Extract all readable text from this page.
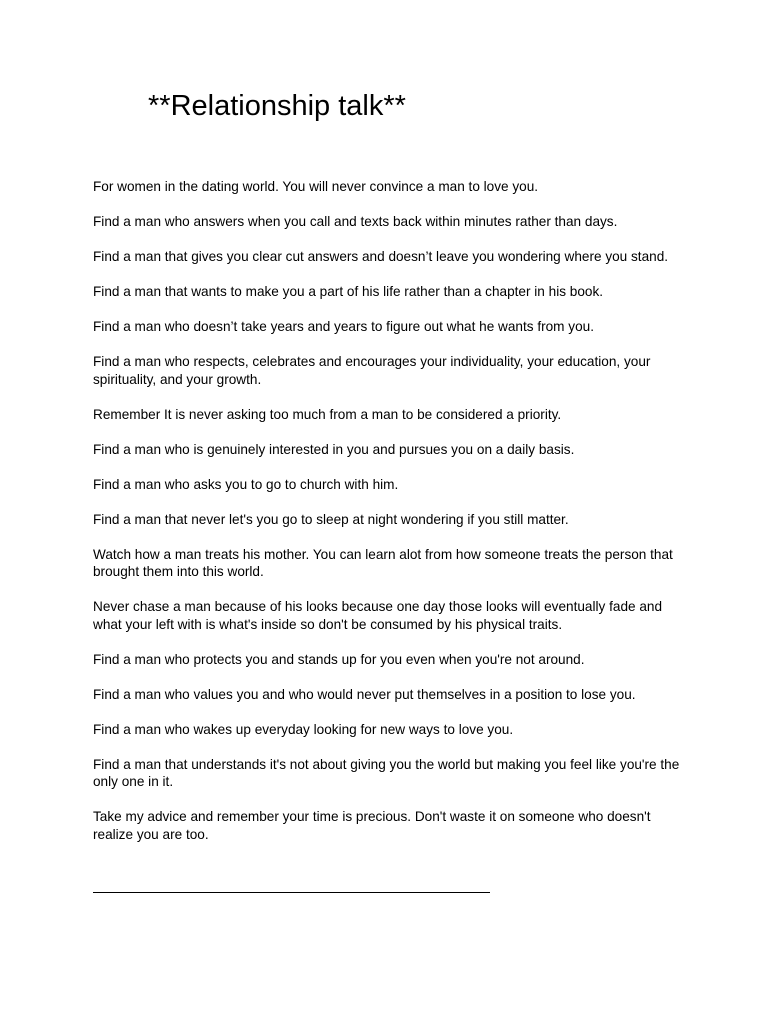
**Relationship talk**

For women in the dating world. You will never convince a man to love you.

Find a man who answers when you call and texts back within minutes rather than days.

Find a man that gives you clear cut answers and doesn’t leave you wondering where you stand.

Find a man that wants to make you a part of his life rather than a chapter in his book.

Find a man who doesn’t take years and years to figure out what he wants from you.

Find a man who respects, celebrates and encourages your individuality, your education, your spirituality, and your growth.

Remember It is never asking too much from a man to be considered a priority.

Find a man who is genuinely interested in you and pursues you on a daily basis.

Find a man who asks you to go to church with him.

Find a man that never let's you go to sleep at night wondering if you still matter.

Watch how a man treats his mother. You can learn alot from how someone treats the person that brought them into this world.

Never chase a man because of his looks because one day those looks will eventually fade and what your left with is what's inside so don't be consumed by his physical traits.

Find a man who protects you and stands up for you even when you're not around.

Find a man who values you and who would never put themselves in a position to lose you.

Find a man who wakes up everyday looking for new ways to love you.

Find a man that understands it's not about giving you the world but making you feel like you're the only one in it.

Take my advice and remember your time is precious. Don't waste it on someone who doesn't realize you are too.
